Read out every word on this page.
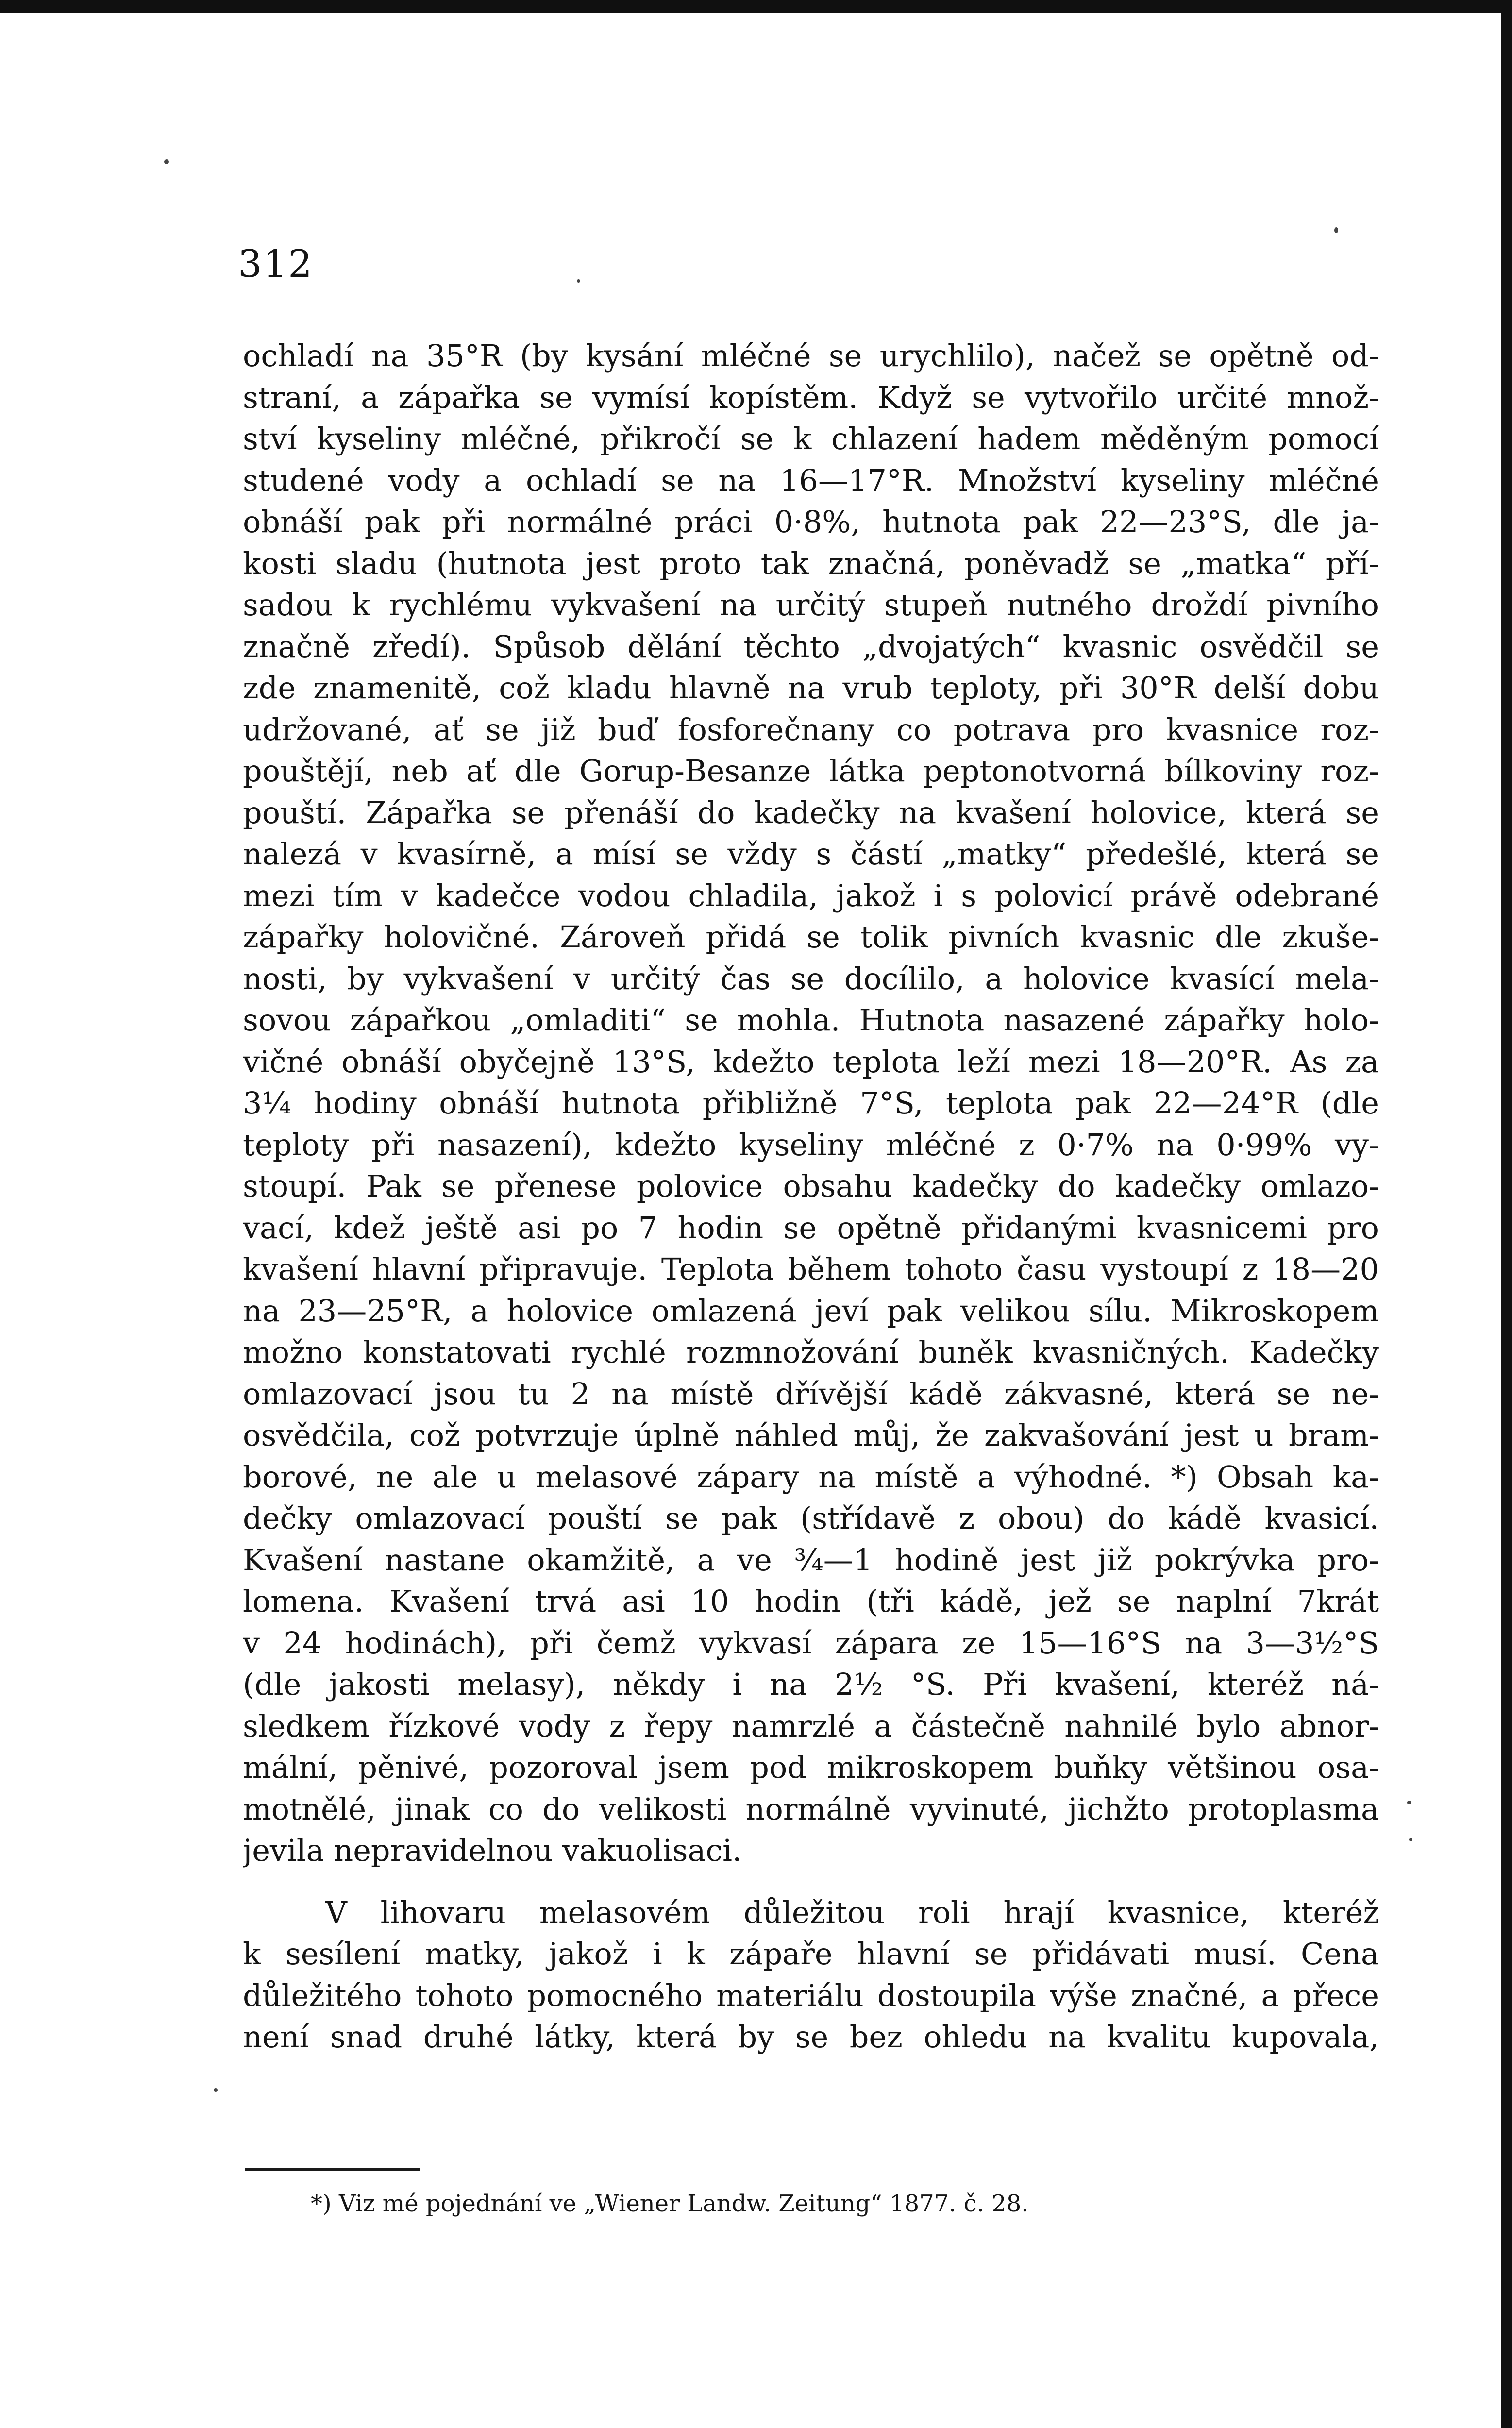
312
ochladí na 35°R (by kysání mléčné se urychlilo), načež se opětně od-
straní, a zápařka se vymísí kopístěm. Když se vytvořilo určité množ-
ství kyseliny mléčné, přikročí se k chlazení hadem měděným pomocí
studené vody a ochladí se na 16—17°R. Množství kyseliny mléčné
obnáší pak při normálné práci 0·8%, hutnota pak 22—23°S, dle ja-
kosti sladu (hutnota jest proto tak značná, poněvadž se „matka“ pří-
sadou k rychlému vykvašení na určitý stupeň nutného droždí pivního
značně zředí). Spůsob dělání těchto „dvojatých“ kvasnic osvědčil se
zde znamenitě, což kladu hlavně na vrub teploty, při 30°R delší dobu
udržované, ať se již buď fosforečnany co potrava pro kvasnice roz-
pouštějí, neb ať dle Gorup-Besanze látka peptonotvorná bílkoviny roz-
pouští. Zápařka se přenáší do kadečky na kvašení holovice, která se
nalezá v kvasírně, a mísí se vždy s částí „matky“ předešlé, která se
mezi tím v kadečce vodou chladila, jakož i s polovicí právě odebrané
zápařky holovičné. Zároveň přidá se tolik pivních kvasnic dle zkuše-
nosti, by vykvašení v určitý čas se docílilo, a holovice kvasící mela-
sovou zápařkou „omladiti“ se mohla. Hutnota nasazené zápařky holo-
vičné obnáší obyčejně 13°S, kdežto teplota leží mezi 18—20°R. As za
3¼ hodiny obnáší hutnota přibližně 7°S, teplota pak 22—24°R (dle
teploty při nasazení), kdežto kyseliny mléčné z 0·7% na 0·99% vy-
stoupí. Pak se přenese polovice obsahu kadečky do kadečky omlazo-
vací, kdež ještě asi po 7 hodin se opětně přidanými kvasnicemi pro
kvašení hlavní připravuje. Teplota během tohoto času vystoupí z 18—20
na 23—25°R, a holovice omlazená jeví pak velikou sílu. Mikroskopem
možno konstatovati rychlé rozmnožování buněk kvasničných. Kadečky
omlazovací jsou tu 2 na místě dřívější kádě zákvasné, která se ne-
osvědčila, což potvrzuje úplně náhled můj, že zakvašování jest u bram-
borové, ne ale u melasové zápary na místě a výhodné. *) Obsah ka-
dečky omlazovací pouští se pak (střídavě z obou) do kádě kvasicí.
Kvašení nastane okamžitě, a ve ¾—1 hodině jest již pokrývka pro-
lomena. Kvašení trvá asi 10 hodin (tři kádě, jež se naplní 7krát
v 24 hodinách), při čemž vykvasí zápara ze 15—16°S na 3—3½°S
(dle jakosti melasy), někdy i na 2½ °S. Při kvašení, kteréž ná-
sledkem řízkové vody z řepy namrzlé a částečně nahnilé bylo abnor-
mální, pěnivé, pozoroval jsem pod mikroskopem buňky většinou osa-
motnělé, jinak co do velikosti normálně vyvinuté, jichžto protoplasma
jevila nepravidelnou vakuolisaci.
V lihovaru melasovém důležitou roli hrají kvasnice, kteréž
k sesílení matky, jakož i k zápaře hlavní se přidávati musí. Cena
důležitého tohoto pomocného materiálu dostoupila výše značné, a přece
není snad druhé látky, která by se bez ohledu na kvalitu kupovala,
*) Viz mé pojednání ve „Wiener Landw. Zeitung“ 1877. č. 28.
